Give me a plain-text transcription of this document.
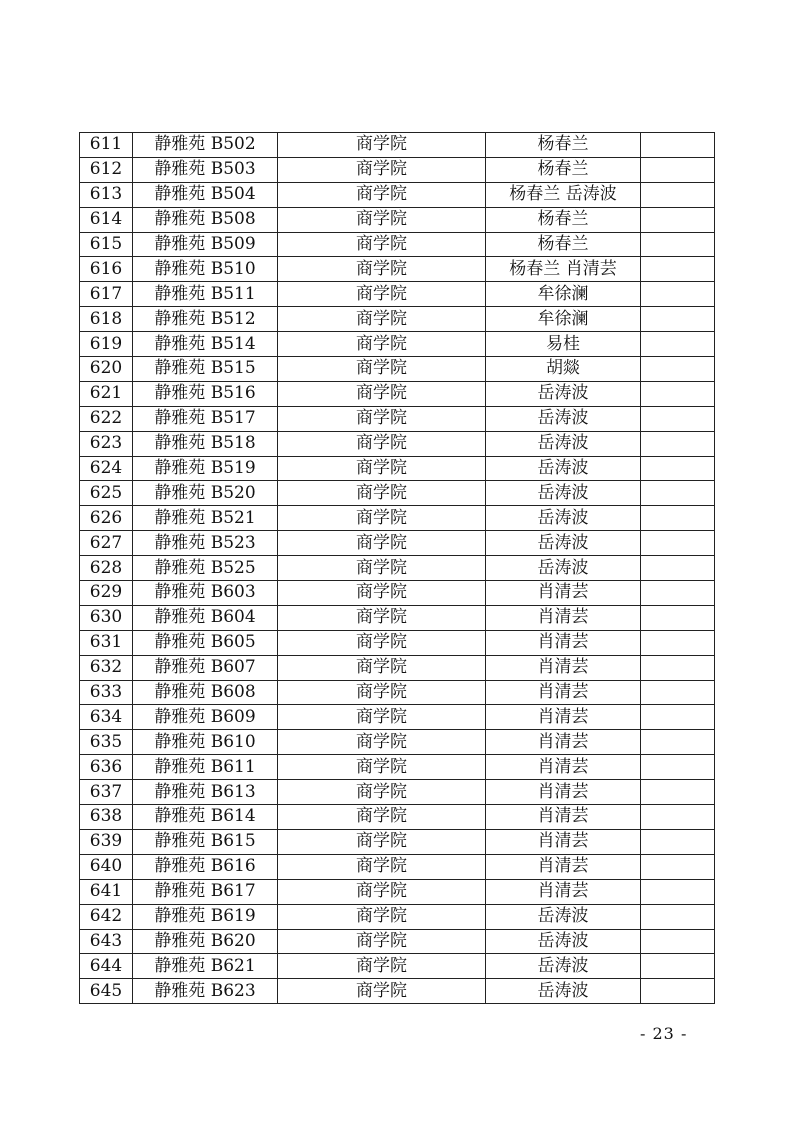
611	静雅苑 B502	商学院	杨春兰	
612	静雅苑 B503	商学院	杨春兰	
613	静雅苑 B504	商学院	杨春兰 岳涛波	
614	静雅苑 B508	商学院	杨春兰	
615	静雅苑 B509	商学院	杨春兰	
616	静雅苑 B510	商学院	杨春兰 肖清芸	
617	静雅苑 B511	商学院	牟徐澜	
618	静雅苑 B512	商学院	牟徐澜	
619	静雅苑 B514	商学院	易桂	
620	静雅苑 B515	商学院	胡燚	
621	静雅苑 B516	商学院	岳涛波	
622	静雅苑 B517	商学院	岳涛波	
623	静雅苑 B518	商学院	岳涛波	
624	静雅苑 B519	商学院	岳涛波	
625	静雅苑 B520	商学院	岳涛波	
626	静雅苑 B521	商学院	岳涛波	
627	静雅苑 B523	商学院	岳涛波	
628	静雅苑 B525	商学院	岳涛波	
629	静雅苑 B603	商学院	肖清芸	
630	静雅苑 B604	商学院	肖清芸	
631	静雅苑 B605	商学院	肖清芸	
632	静雅苑 B607	商学院	肖清芸	
633	静雅苑 B608	商学院	肖清芸	
634	静雅苑 B609	商学院	肖清芸	
635	静雅苑 B610	商学院	肖清芸	
636	静雅苑 B611	商学院	肖清芸	
637	静雅苑 B613	商学院	肖清芸	
638	静雅苑 B614	商学院	肖清芸	
639	静雅苑 B615	商学院	肖清芸	
640	静雅苑 B616	商学院	肖清芸	
641	静雅苑 B617	商学院	肖清芸	
642	静雅苑 B619	商学院	岳涛波	
643	静雅苑 B620	商学院	岳涛波	
644	静雅苑 B621	商学院	岳涛波	
645	静雅苑 B623	商学院	岳涛波	
- 23 -
